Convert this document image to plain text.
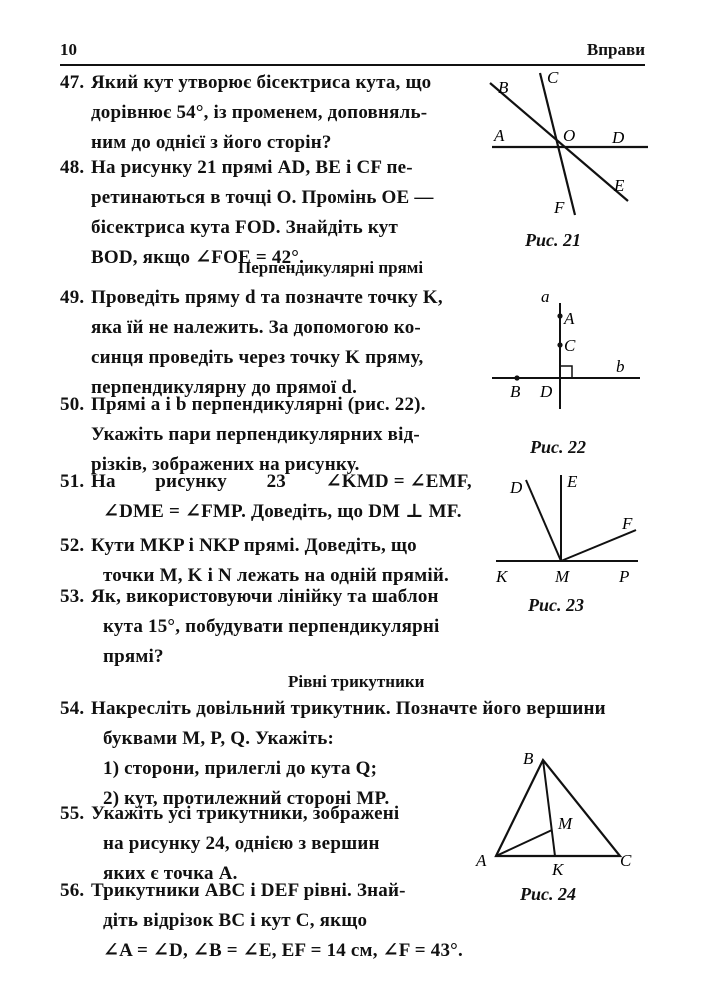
10	Вправи
47. Який кут утворює бісектриса кута, що
дорівнює 54°, із променем, доповняль-
ним до однієї з його сторін?
48. На рисунку 21 прямі AD, BE і CF пе-
ретинаються в точці O. Промінь OE —
бісектриса кута FOD. Знайдіть кут
BOD, якщо ∠FOE = 42°.
Перпендикулярні прямі
49. Проведіть пряму d та позначте точку K,
яка їй не належить. За допомогою ко-
синця проведіть через точку K пряму,
перпендикулярну до прямої d.
50. Прямі a і b перпендикулярні (рис. 22).
Укажіть пари перпендикулярних від-
різків, зображених на рисунку.
51. На        рисунку        23        ∠KMD = ∠EMF,
∠DME = ∠FMP. Доведіть, що DM ⊥ MF.
52. Кути MKP і NKP прямі. Доведіть, що
точки M, K і N лежать на одній прямій.
53. Як, використовуючи лінійку та шаблон
кута 15°, побудувати перпендикулярні
прямі?
Рівні трикутники
54. Накресліть довільний трикутник. Позначте його вершини
буквами M, P, Q. Укажіть:
1) сторони, прилеглі до кута Q;
2) кут, протилежний стороні MP.
55. Укажіть усі трикутники, зображені
на рисунку 24, однією з вершин
яких є точка A.
56. Трикутники ABC і DEF рівні. Знай-
діть відрізок BC і кут C, якщо
∠A = ∠D, ∠B = ∠E, EF = 14 см, ∠F = 43°.
B
C
A	O D
E
F
Рис. 21
a
A
C
b
B D
Рис. 22
D	E
F
K	M	P
Рис. 23
B
M
A	K	C
Рис. 24
